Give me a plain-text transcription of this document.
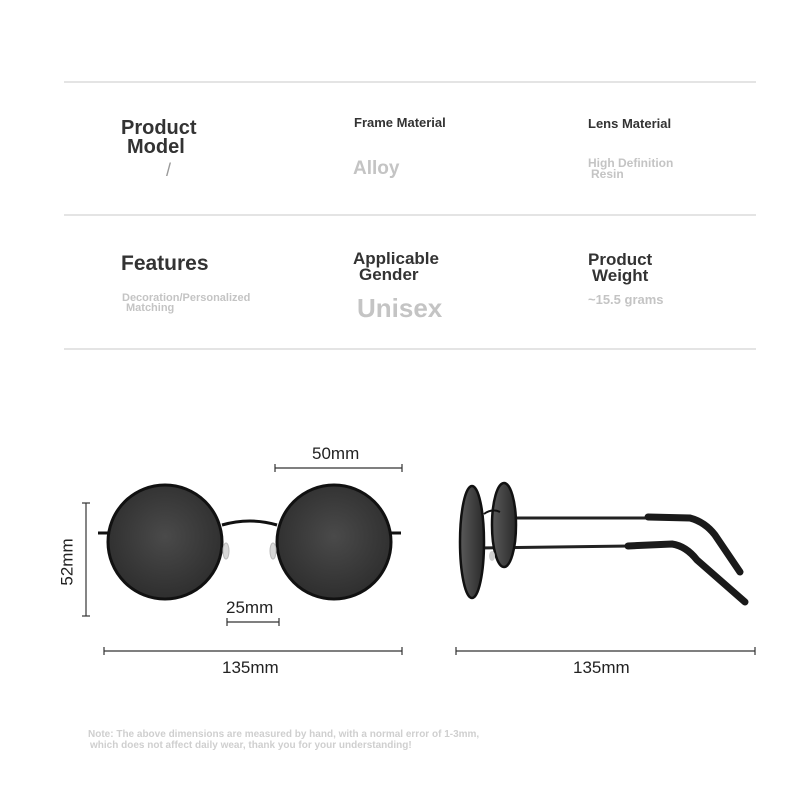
Product
Model
/
Frame Material
Alloy
Lens Material
High Definition
Resin
Features
Decoration/Personalized
Matching
Applicable
Gender
Unisex
Product
Weight
~15.5 grams
50mm
52mm
25mm
135mm	135mm
Note: The above dimensions are measured by hand, with a normal error of 1-3mm,
which does not affect daily wear, thank you for your understanding!
